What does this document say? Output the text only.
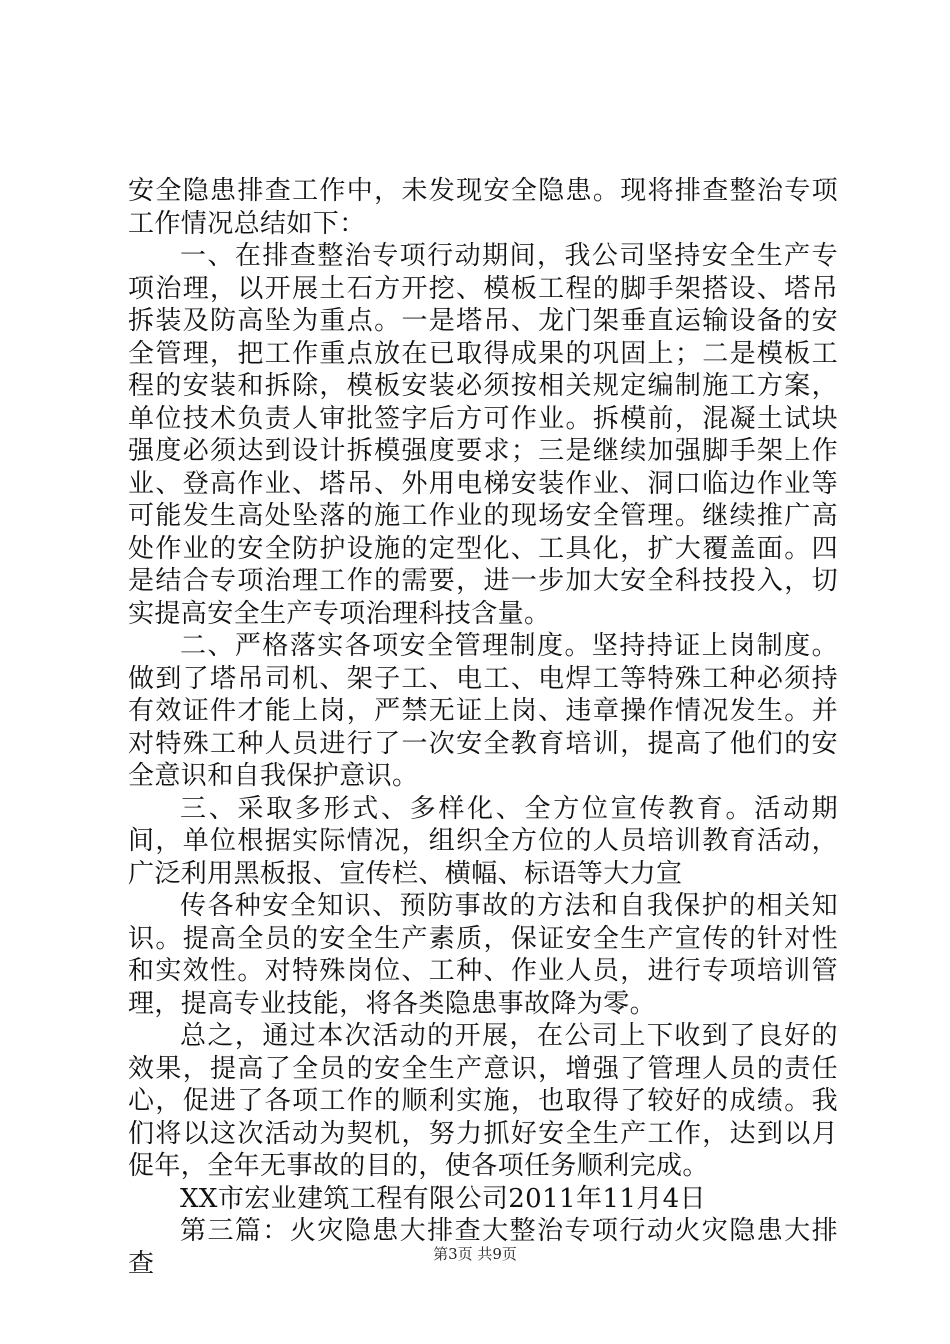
安全隐患排查工作中，未发现安全隐患。现将排查整治专项工作情况总结如下：

一、在排查整治专项行动期间，我公司坚持安全生产专项治理，以开展土石方开挖、模板工程的脚手架搭设、塔吊拆装及防高坠为重点。一是塔吊、龙门架垂直运输设备的安全管理，把工作重点放在已取得成果的巩固上；二是模板工程的安装和拆除，模板安装必须按相关规定编制施工方案，单位技术负责人审批签字后方可作业。拆模前，混凝土试块强度必须达到设计拆模强度要求；三是继续加强脚手架上作业、登高作业、塔吊、外用电梯安装作业、洞口临边作业等可能发生高处坠落的施工作业的现场安全管理。继续推广高处作业的安全防护设施的定型化、工具化，扩大覆盖面。四是结合专项治理工作的需要，进一步加大安全科技投入，切实提高安全生产专项治理科技含量。

二、严格落实各项安全管理制度。坚持持证上岗制度。做到了塔吊司机、架子工、电工、电焊工等特殊工种必须持有效证件才能上岗，严禁无证上岗、违章操作情况发生。并对特殊工种人员进行了一次安全教育培训，提高了他们的安全意识和自我保护意识。

三、采取多形式、多样化、全方位宣传教育。活动期间，单位根据实际情况，组织全方位的人员培训教育活动，广泛利用黑板报、宣传栏、横幅、标语等大力宣

传各种安全知识、预防事故的方法和自我保护的相关知识。提高全员的安全生产素质，保证安全生产宣传的针对性和实效性。对特殊岗位、工种、作业人员，进行专项培训管理，提高专业技能，将各类隐患事故降为零。

总之，通过本次活动的开展，在公司上下收到了良好的效果，提高了全员的安全生产意识，增强了管理人员的责任心，促进了各项工作的顺利实施，也取得了较好的成绩。我们将以这次活动为契机，努力抓好安全生产工作，达到以月促年，全年无事故的目的，使各项任务顺利完成。

XX市宏业建筑工程有限公司2011年11月4日

第三篇：火灾隐患大排查大整治专项行动火灾隐患大排查	第3页 共9页
